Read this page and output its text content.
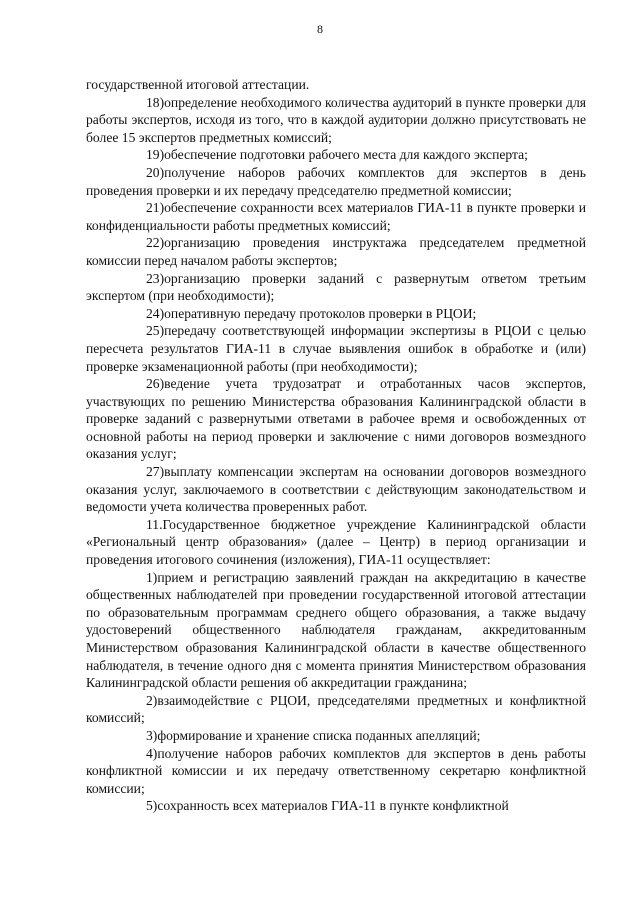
8

государственной итоговой аттестации.

18)определение необходимого количества аудиторий в пункте проверки для работы экспертов, исходя из того, что в каждой аудитории должно присутствовать не более 15 экспертов предметных комиссий;

19)обеспечение подготовки рабочего места для каждого эксперта;

20)получение наборов рабочих комплектов для экспертов в день проведения проверки и их передачу председателю предметной комиссии;

21)обеспечение сохранности всех материалов ГИА-11 в пункте проверки и конфиденциальности работы предметных комиссий;

22)организацию проведения инструктажа председателем предметной комиссии перед началом работы экспертов;

23)организацию проверки заданий с развернутым ответом третьим экспертом (при необходимости);

24)оперативную передачу протоколов проверки в РЦОИ;

25)передачу соответствующей информации экспертизы в РЦОИ с целью пересчета результатов ГИА-11 в случае выявления ошибок в обработке и (или) проверке экзаменационной работы (при необходимости);

26)ведение учета трудозатрат и отработанных часов экспертов, участвующих по решению Министерства образования Калининградской области в проверке заданий с развернутыми ответами в рабочее время и освобожденных от основной работы на период проверки и заключение с ними договоров возмездного оказания услуг;

27)выплату компенсации экспертам на основании договоров возмездного оказания услуг, заключаемого в соответствии с действующим законодательством и ведомости учета количества проверенных работ.

11.Государственное бюджетное учреждение Калининградской области «Региональный центр образования» (далее – Центр) в период организации и проведения итогового сочинения (изложения), ГИА-11 осуществляет:

1)прием и регистрацию заявлений граждан на аккредитацию в качестве общественных наблюдателей при проведении государственной итоговой аттестации по образовательным программам среднего общего образования, а также выдачу удостоверений общественного наблюдателя гражданам, аккредитованным Министерством образования Калининградской области в качестве общественного наблюдателя, в течение одного дня с момента принятия Министерством образования Калининградской области решения об аккредитации гражданина;

2)взаимодействие с РЦОИ, председателями предметных и конфликтной комиссий;

3)формирование и хранение списка поданных апелляций;

4)получение наборов рабочих комплектов для экспертов в день работы конфликтной комиссии и их передачу ответственному секретарю конфликтной комиссии;

5)сохранность всех материалов ГИА-11 в пункте конфликтной
